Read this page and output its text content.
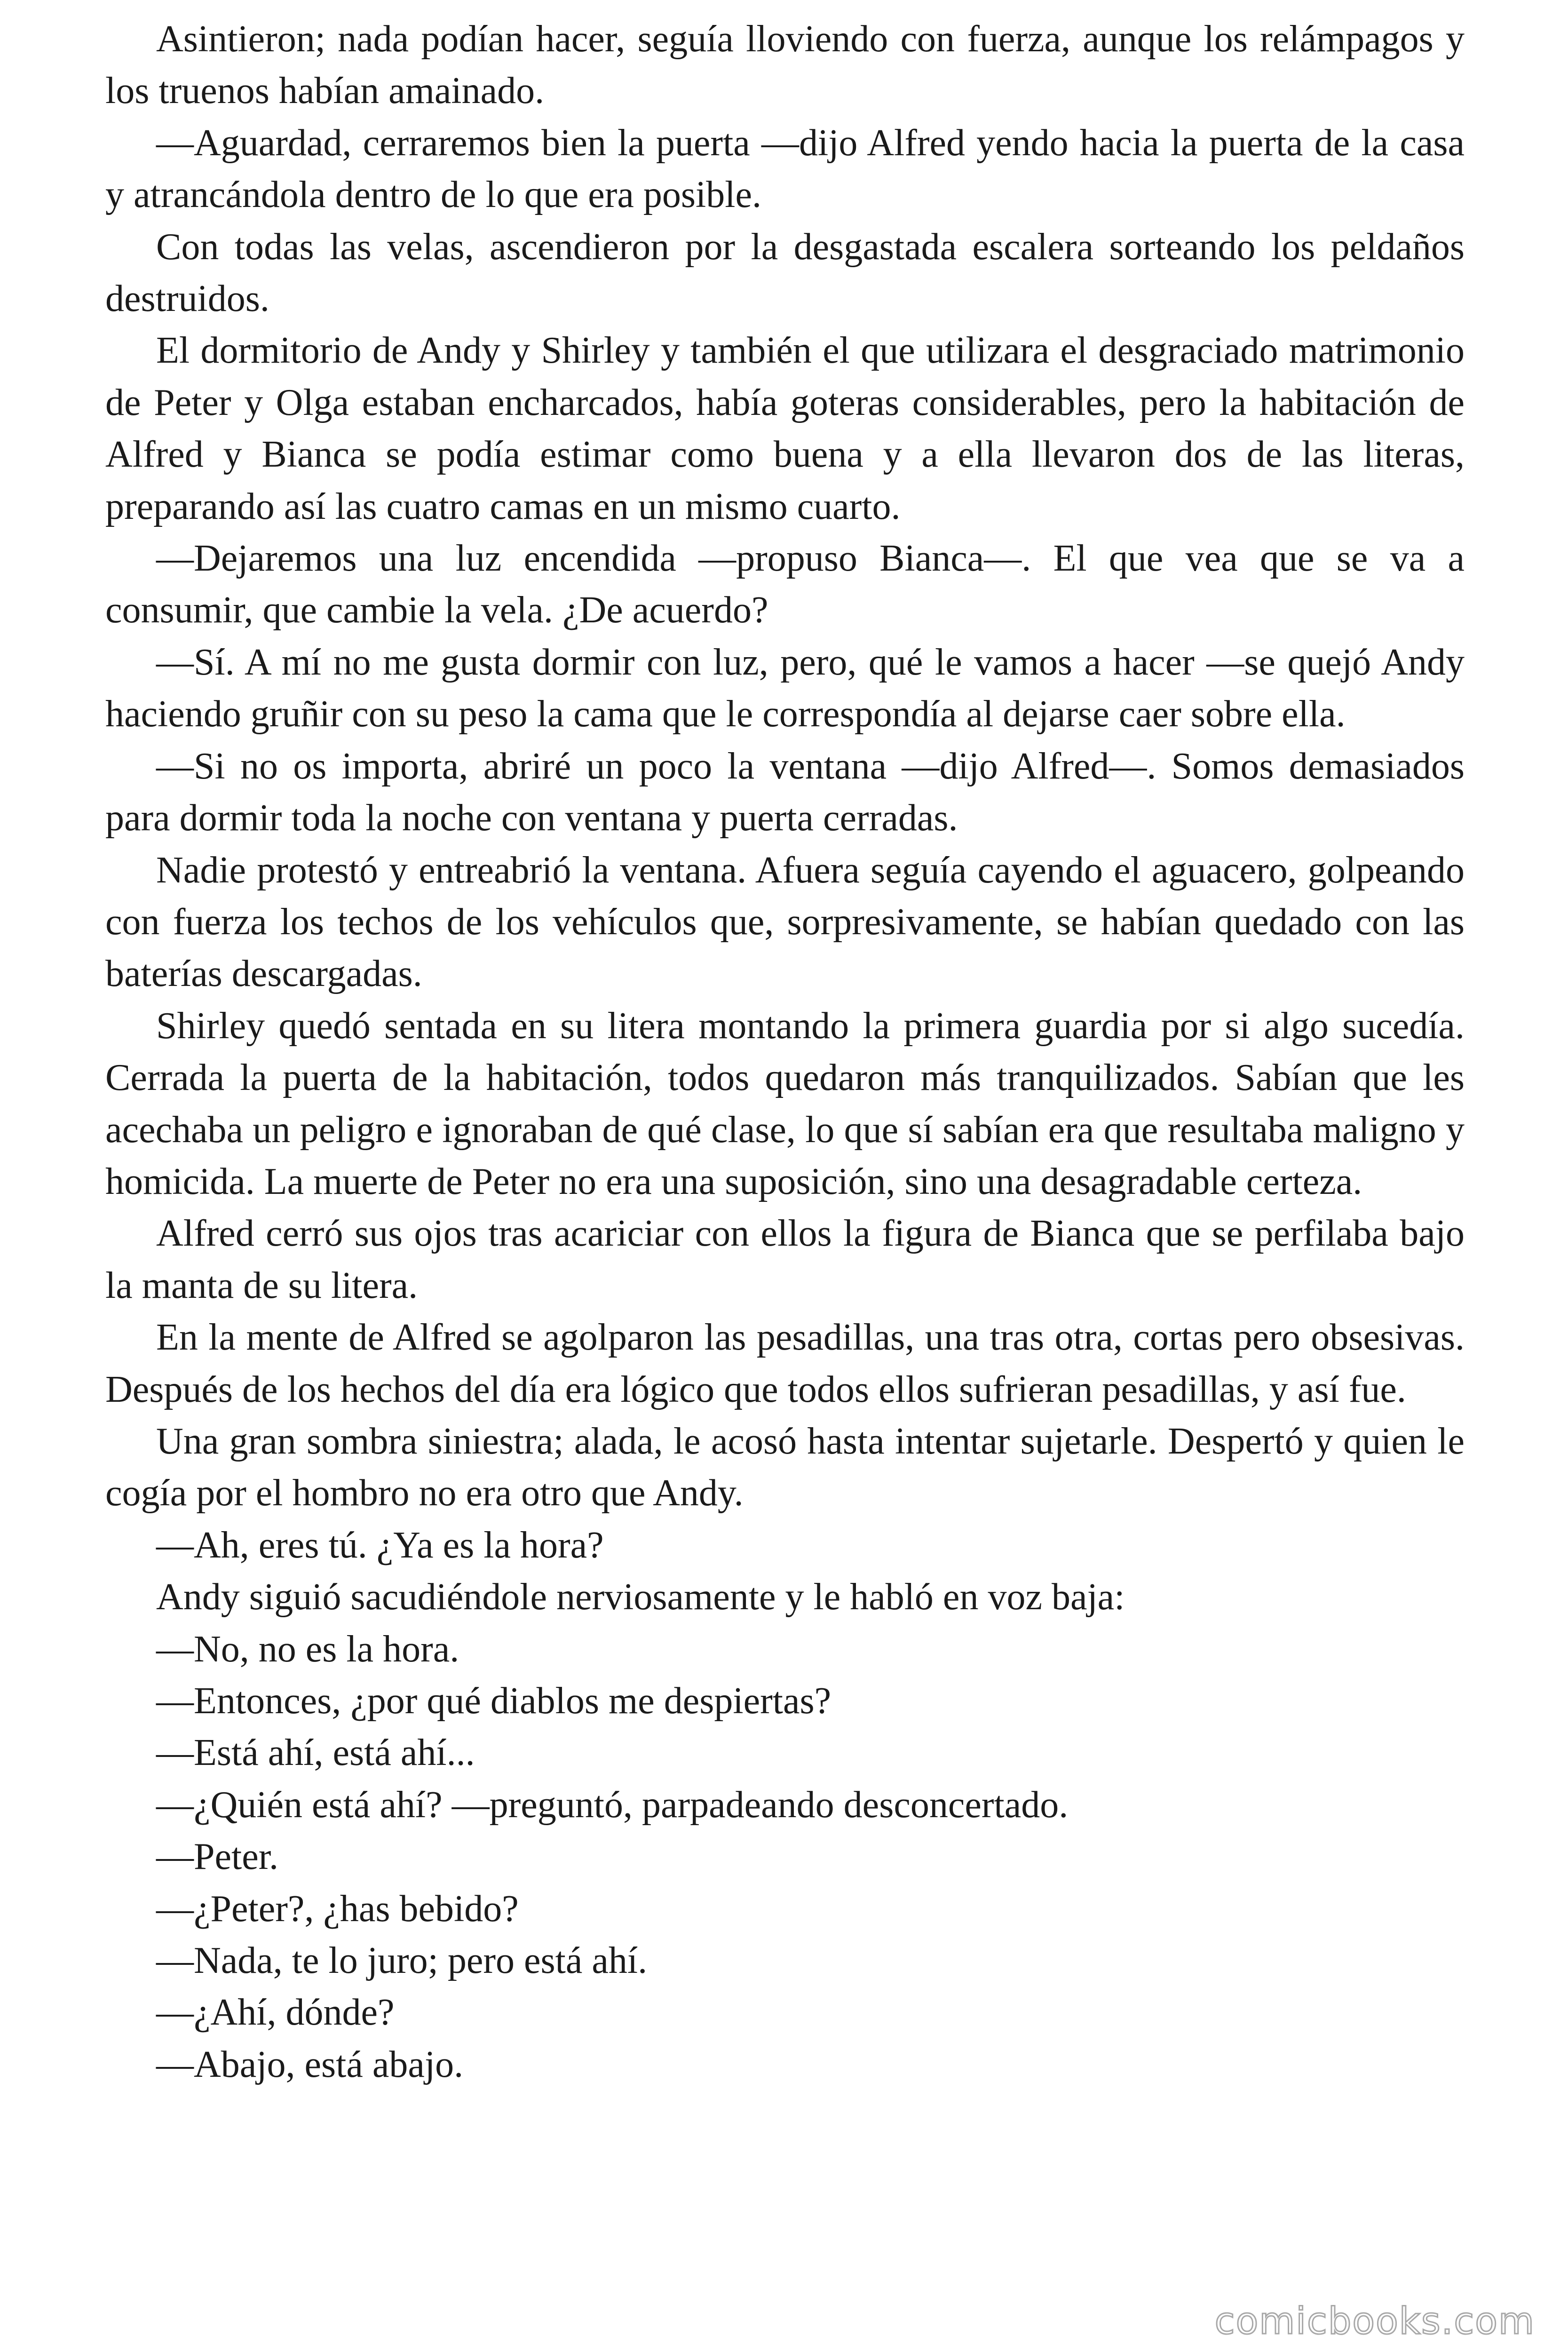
Asintieron; nada podían hacer, seguía lloviendo con fuerza, aunque los relámpagos y los truenos habían amainado.

—Aguardad, cerraremos bien la puerta —dijo Alfred yendo hacia la puerta de la casa y atrancándola dentro de lo que era posible.

Con todas las velas, ascendieron por la desgastada escalera sorteando los peldaños destruidos.

El dormitorio de Andy y Shirley y también el que utilizara el desgraciado matrimonio de Peter y Olga estaban encharcados, había goteras considerables, pero la habitación de Alfred y Bianca se podía estimar como buena y a ella llevaron dos de las literas, preparando así las cuatro camas en un mismo cuarto.

—Dejaremos una luz encendida —propuso Bianca—. El que vea que se va a consumir, que cambie la vela. ¿De acuerdo?

—Sí. A mí no me gusta dormir con luz, pero, qué le vamos a hacer —se quejó Andy haciendo gruñir con su peso la cama que le correspondía al dejarse caer sobre ella.

—Si no os importa, abriré un poco la ventana —dijo Alfred—. Somos demasiados para dormir toda la noche con ventana y puerta cerradas.

Nadie protestó y entreabrió la ventana. Afuera seguía cayendo el aguacero, golpeando con fuerza los techos de los vehículos que, sorpresivamente, se habían quedado con las baterías descargadas.

Shirley quedó sentada en su litera montando la primera guardia por si algo sucedía. Cerrada la puerta de la habitación, todos quedaron más tranquilizados. Sabían que les acechaba un peligro e ignoraban de qué clase, lo que sí sabían era que resultaba maligno y homicida. La muerte de Peter no era una suposición, sino una desagradable certeza.

Alfred cerró sus ojos tras acariciar con ellos la figura de Bianca que se perfilaba bajo la manta de su litera.

En la mente de Alfred se agolparon las pesadillas, una tras otra, cortas pero obsesivas. Después de los hechos del día era lógico que todos ellos sufrieran pesadillas, y así fue.

Una gran sombra siniestra; alada, le acosó hasta intentar sujetarle. Despertó y quien le cogía por el hombro no era otro que Andy.

—Ah, eres tú. ¿Ya es la hora?

Andy siguió sacudiéndole nerviosamente y le habló en voz baja:

—No, no es la hora.

—Entonces, ¿por qué diablos me despiertas?

—Está ahí, está ahí...

—¿Quién está ahí? —preguntó, parpadeando desconcertado.

—Peter.

—¿Peter?, ¿has bebido?

—Nada, te lo juro; pero está ahí.

—¿Ahí, dónde?

—Abajo, está abajo.

comicbooks.com
